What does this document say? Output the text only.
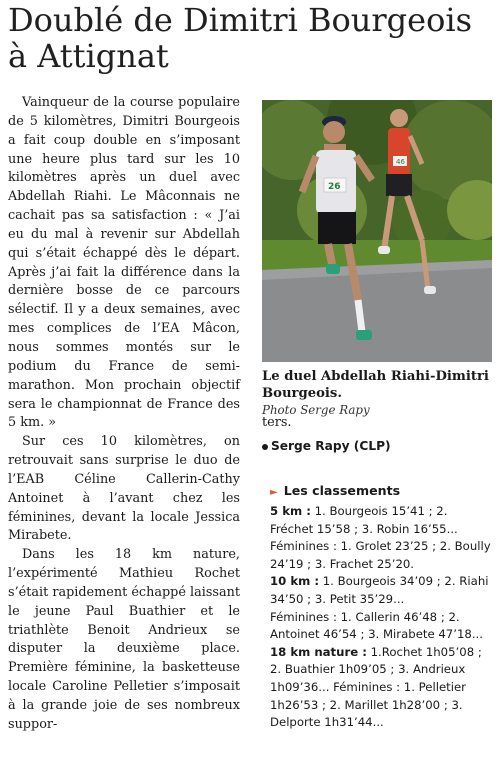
Doublé de Dimitri Bourgeois à Attignat

Vainqueur de la course populaire de 5 kilomètres, Dimitri Bourgeois a fait coup double en s’imposant une heure plus tard sur les 10 kilomètres après un duel avec Abdellah Riahi. Le Mâconnais ne cachait pas sa satisfaction : « J’ai eu du mal à revenir sur Abdellah qui s’était échappé dès le départ. Après j’ai fait la différence dans la dernière bosse de ce parcours sélectif. Il y a deux semaines, avec mes complices de l’EA Mâcon, nous sommes montés sur le podium du France de semi-marathon. Mon prochain objectif sera le championnat de France des 5 km. »

Sur ces 10 kilomètres, on retrouvait sans surprise le duo de l’EAB Céline Callerin-Cathy Antoinet à l’avant chez les féminines, devant la locale Jessica Mirabete.

Dans les 18 km nature, l’expérimenté Mathieu Rochet s’était rapidement échappé laissant le jeune Paul Buathier et le triathlète Benoit Andrieux se disputer la deuxième place. Première féminine, la basketteuse locale Caroline Pelletier s’imposait à la grande joie de ses nombreux suppor-

46
26
Le duel Abdellah Riahi-Dimitri Bourgeois.
Photo Serge Rapy
ters.
Serge Rapy (CLP)
► Les classements

5 km : 1. Bourgeois 15’41 ; 2. Fréchet 15’58 ; 3. Robin 16’55...

Féminines : 1. Grolet 23’25 ; 2. Boully 24’19 ; 3. Frachet 25’20.

10 km : 1. Bourgeois 34’09 ; 2. Riahi 34’50 ; 3. Petit 35’29...

Féminines : 1. Callerin 46’48 ; 2. Antoinet 46’54 ; 3. Mirabete 47’18...

18 km nature : 1.Rochet 1h05’08 ; 2. Buathier 1h09’05 ; 3. Andrieux 1h09’36... Féminines : 1. Pelletier 1h26’53 ; 2. Marillet 1h28’00 ; 3. Delporte 1h31’44...
